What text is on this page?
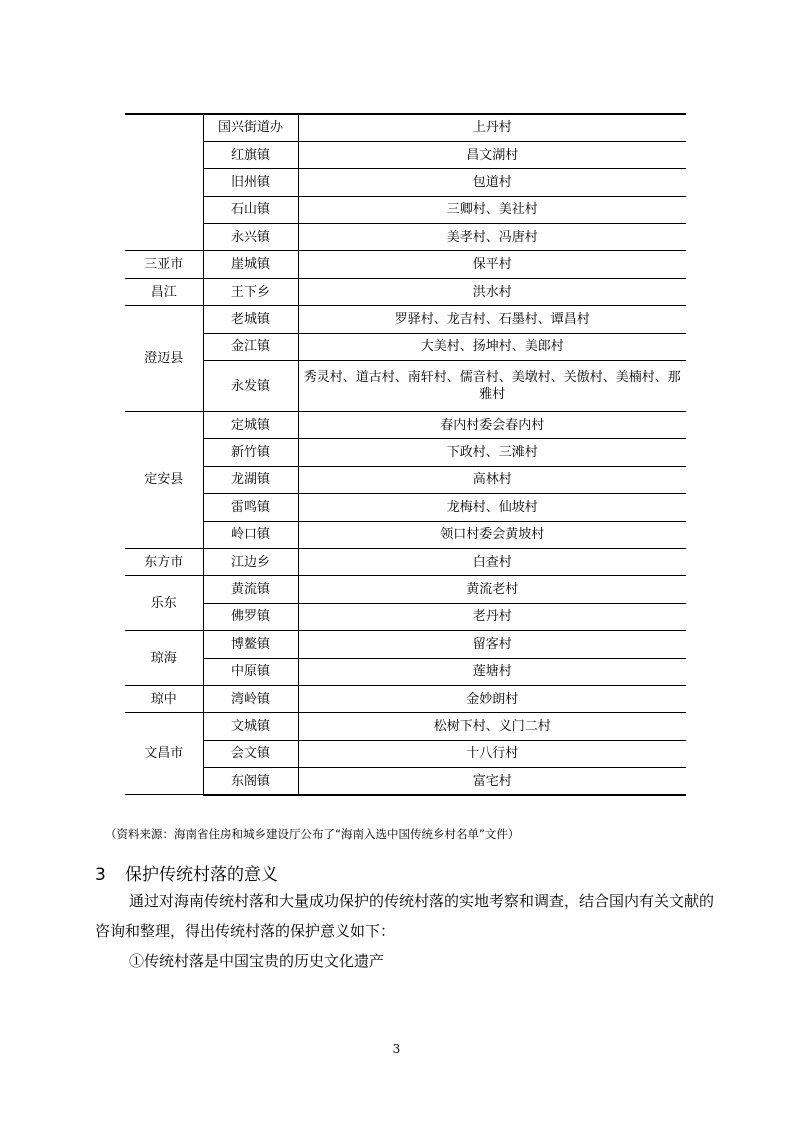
	国兴街道办	上丹村
	红旗镇	昌文湖村
	旧州镇	包道村
	石山镇	三卿村、美社村
	永兴镇	美孝村、冯唐村
三亚市	崖城镇	保平村
昌江	王下乡	洪水村
澄迈县	老城镇	罗驿村、龙吉村、石墨村、谭昌村
	金江镇	大美村、扬坤村、美郎村
	永发镇	秀灵村、道古村、南轩村、儒音村、美墩村、关傲村、美楠村、那雅村
定安县	定城镇	春内村委会春内村
	新竹镇	下政村、三滩村
	龙湖镇	高林村
	雷鸣镇	龙梅村、仙坡村
	岭口镇	领口村委会黄坡村
东方市	江边乡	白查村
乐东	黄流镇	黄流老村
	佛罗镇	老丹村
琼海	博鳌镇	留客村
	中原镇	莲塘村
琼中	湾岭镇	金妙朗村
文昌市	文城镇	松树下村、义门二村
	会文镇	十八行村
	东阁镇	富宅村
（资料来源：海南省住房和城乡建设厅公布了“海南入选中国传统乡村名单”文件）
3 保护传统村落的意义

通过对海南传统村落和大量成功保护的传统村落的实地考察和调查，结合国内有关文献的咨询和整理，得出传统村落的保护意义如下：

①传统村落是中国宝贵的历史文化遗产

3
